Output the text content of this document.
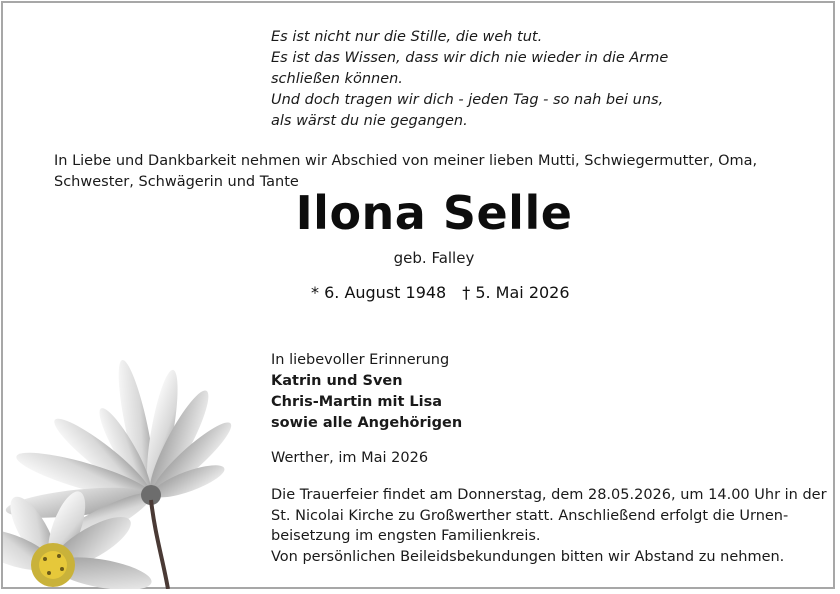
Es ist nicht nur die Stille, die weh tut.
Es ist das Wissen, dass wir dich nie wieder in die Arme
schließen können.
Und doch tragen wir dich - jeden Tag - so nah bei uns,
als wärst du nie gegangen.
In Liebe und Dankbarkeit nehmen wir Abschied von meiner lieben Mutti, Schwiegermutter, Oma, Schwester, Schwägerin und Tante
Ilona Selle
geb. Falley
* 6. August 1948 † 5. Mai 2026
In liebevoller Erinnerung
Katrin und Sven
Chris-Martin mit Lisa
sowie alle Angehörigen
Werther, im Mai 2026
Die Trauerfeier findet am Donnerstag, dem 28.05.2026, um 14.00 Uhr in der
St. Nicolai Kirche zu Großwerther statt. Anschließend erfolgt die Urnen-
beisetzung im engsten Familienkreis.
Von persönlichen Beileidsbekundungen bitten wir Abstand zu nehmen.
